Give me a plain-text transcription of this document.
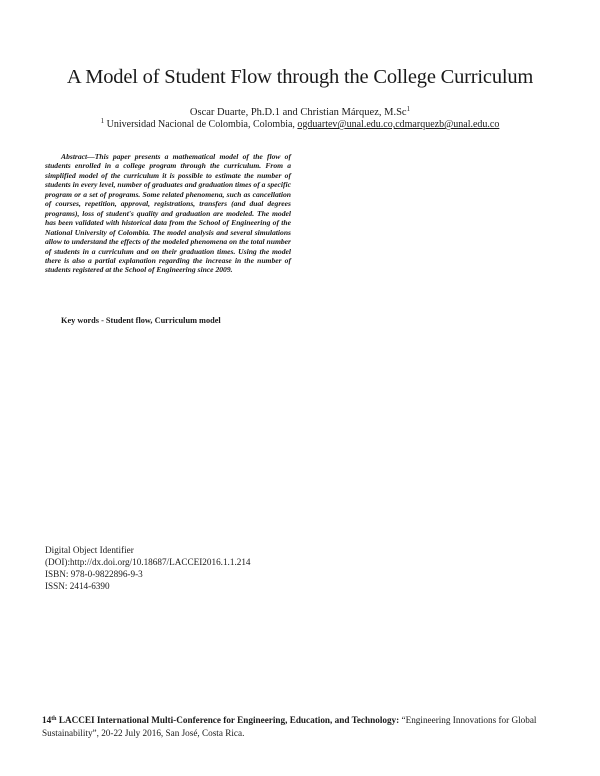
A Model of Student Flow through the College Curriculum
Oscar Duarte, Ph.D.1 and Christian Márquez, M.Sc$^1$
$^1$ Universidad Nacional de Colombia, Colombia, ogduartev@unal.edu.co,cdmarquezb@unal.edu.co
Abstract—This paper presents a mathematical model of the flow of students enrolled in a college program through the curriculum. From a simplified model of the curriculum it is possible to estimate the number of students in every level, number of graduates and graduation times of a specific program or a set of programs. Some related phenomena, such as cancellation of courses, repetition, approval, registrations, transfers (and dual degrees programs), loss of student's quality and graduation are modeled. The model has been validated with historical data from the School of Engineering of the National University of Colombia. The model analysis and several simulations allow to understand the effects of the modeled phenomena on the total number of students in a curriculum and on their graduation times. Using the model there is also a partial explanation regarding the increase in the number of students registered at the School of Engineering since 2009.
Key words - Student flow, Curriculum model
Digital Object Identifier
(DOI):http://dx.doi.org/10.18687/LACCEI2016.1.1.214
ISBN: 978-0-9822896-9-3
ISSN: 2414-6390
14th LACCEI International Multi-Conference for Engineering, Education, and Technology: “Engineering Innovations for Global Sustainability”, 20-22 July 2016, San José, Costa Rica.
